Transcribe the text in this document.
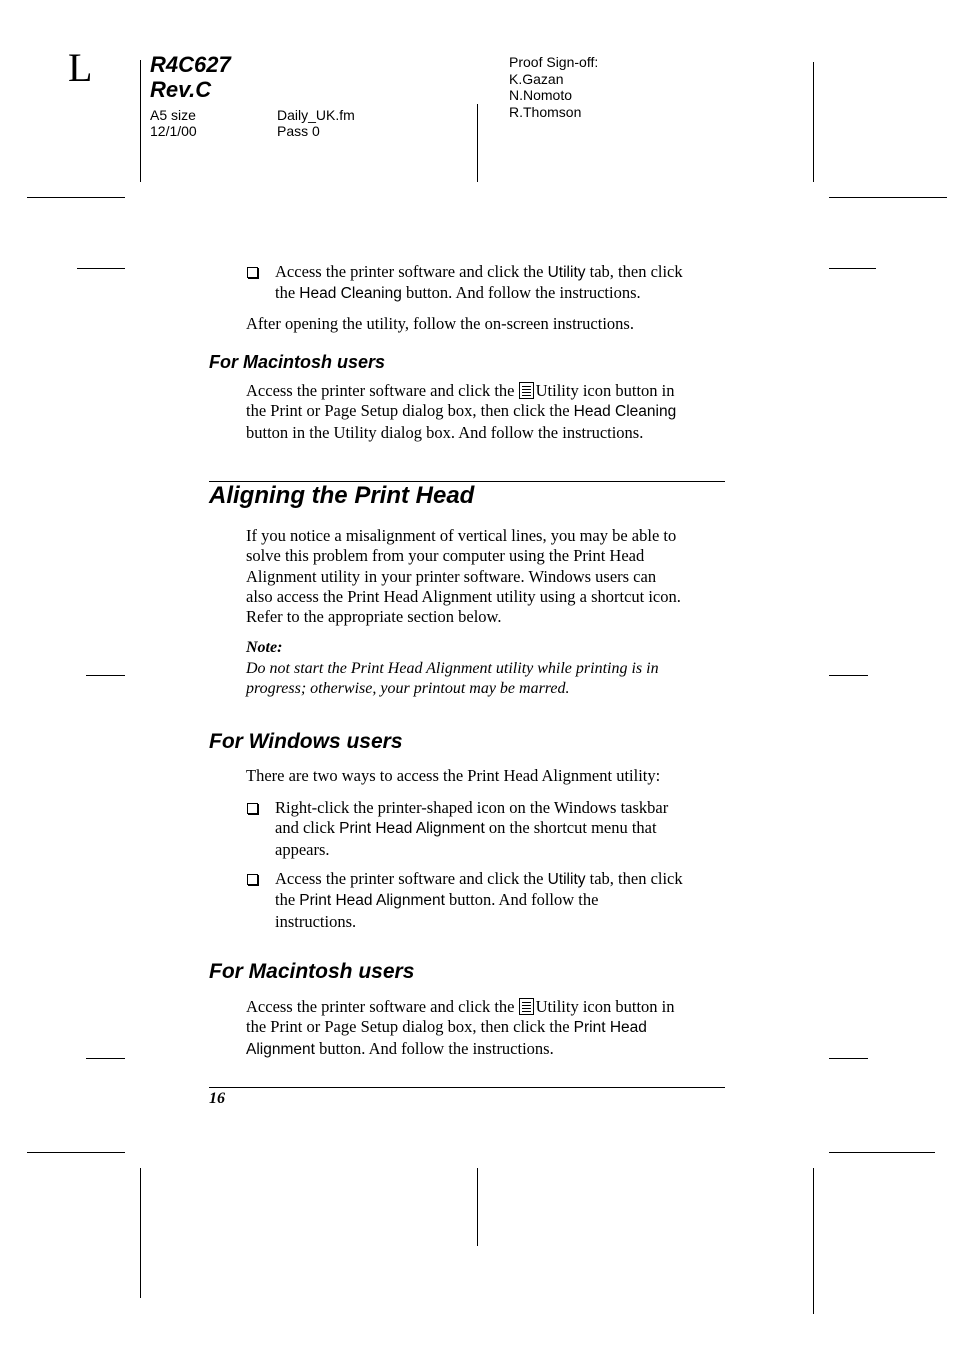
L	R4C627
Rev.C
A5 size
12/1/00
Daily_UK.fm
Pass 0
Proof Sign-off:
K.Gazan
N.Nomoto
R.Thomson
Access the printer software and click the Utility tab, then click
the Head Cleaning button. And follow the instructions.
After opening the utility, follow the on-screen instructions.
For Macintosh users
Access the printer software and click the Utility icon button in
the Print or Page Setup dialog box, then click the Head Cleaning
button in the Utility dialog box. And follow the instructions.
Aligning the Print Head
If you notice a misalignment of vertical lines, you may be able to
solve this problem from your computer using the Print Head
Alignment utility in your printer software. Windows users can
also access the Print Head Alignment utility using a shortcut icon.
Refer to the appropriate section below.
Note:
Do not start the Print Head Alignment utility while printing is in
progress; otherwise, your printout may be marred.
For Windows users
There are two ways to access the Print Head Alignment utility:
Right-click the printer-shaped icon on the Windows taskbar
and click Print Head Alignment on the shortcut menu that
appears.
Access the printer software and click the Utility tab, then click
the Print Head Alignment button. And follow the
instructions.
For Macintosh users
Access the printer software and click the Utility icon button in
the Print or Page Setup dialog box, then click the Print Head
Alignment button. And follow the instructions.
16
